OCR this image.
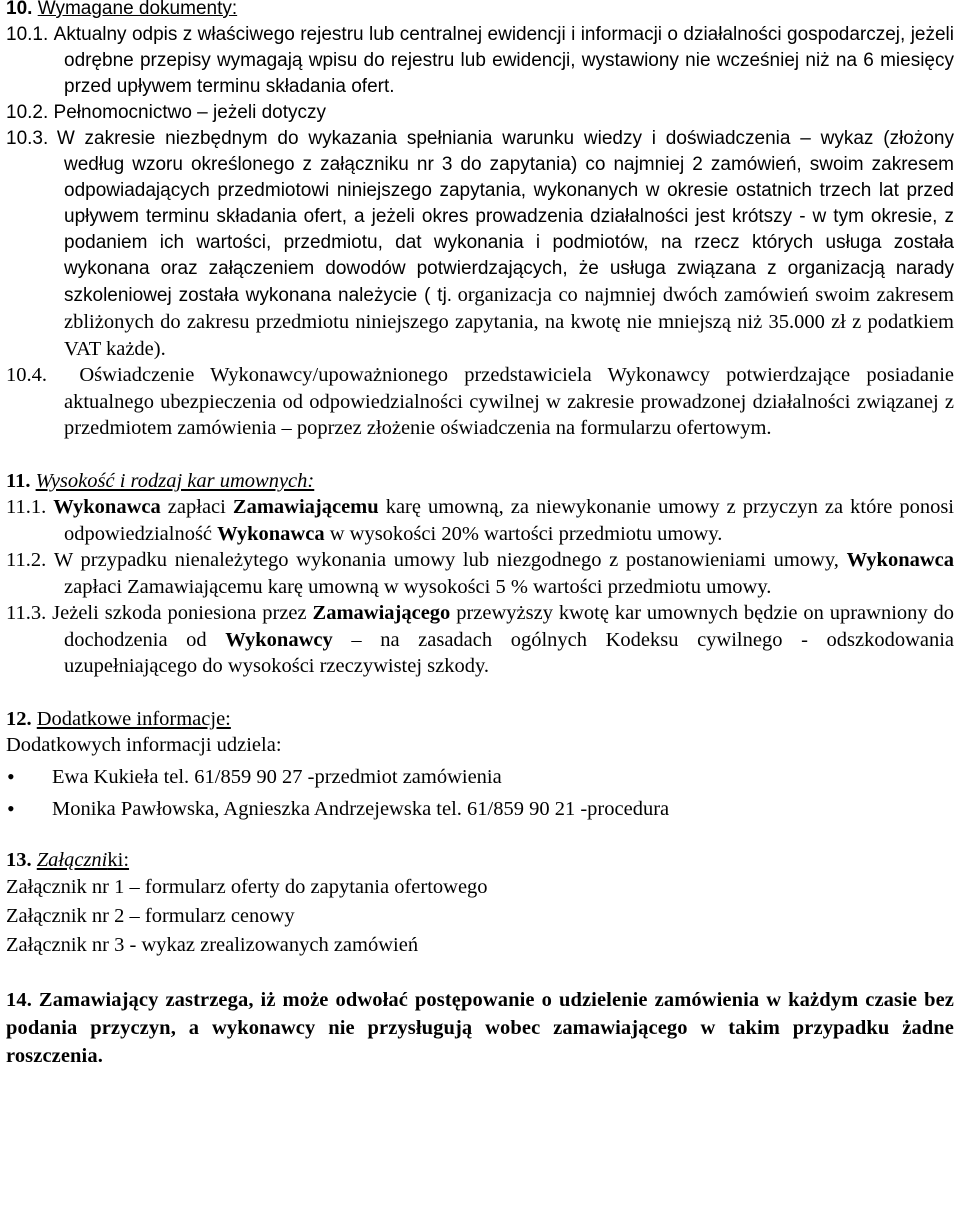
10. Wymagane dokumenty:
10.1. Aktualny odpis z właściwego rejestru lub centralnej ewidencji i informacji o działalności gospodarczej, jeżeli odrębne przepisy wymagają wpisu do rejestru lub ewidencji, wystawiony nie wcześniej niż na 6 miesięcy przed upływem terminu składania ofert.
10.2. Pełnomocnictwo – jeżeli dotyczy
10.3. W zakresie niezbędnym do wykazania spełniania warunku wiedzy i doświadczenia – wykaz (złożony według wzoru określonego z załączniku nr 3 do zapytania) co najmniej 2 zamówień, swoim zakresem odpowiadających przedmiotowi niniejszego zapytania, wykonanych w okresie ostatnich trzech lat przed upływem terminu składania ofert, a jeżeli okres prowadzenia działalności jest krótszy - w tym okresie, z podaniem ich wartości, przedmiotu, dat wykonania i podmiotów, na rzecz których usługa została wykonana oraz załączeniem dowodów potwierdzających, że usługa związana z organizacją narady szkoleniowej została wykonana należycie ( tj. organizacja co najmniej dwóch zamówień swoim zakresem zbliżonych do zakresu przedmiotu niniejszego zapytania, na kwotę nie mniejszą niż 35.000 zł z podatkiem VAT każde).
10.4. Oświadczenie Wykonawcy/upoważnionego przedstawiciela Wykonawcy potwierdzające posiadanie aktualnego ubezpieczenia od odpowiedzialności cywilnej w zakresie prowadzonej działalności związanej z przedmiotem zamówienia – poprzez złożenie oświadczenia na formularzu ofertowym.
11. Wysokość i rodzaj kar umownych:
11.1. Wykonawca zapłaci Zamawiającemu karę umowną, za niewykonanie umowy z przyczyn za które ponosi odpowiedzialność Wykonawca w wysokości 20% wartości przedmiotu umowy.
11.2. W przypadku nienależytego wykonania umowy lub niezgodnego z postanowieniami umowy, Wykonawca zapłaci Zamawiającemu karę umowną w wysokości 5 % wartości przedmiotu umowy.
11.3. Jeżeli szkoda poniesiona przez Zamawiającego przewyższy kwotę kar umownych będzie on uprawniony do dochodzenia od Wykonawcy – na zasadach ogólnych Kodeksu cywilnego - odszkodowania uzupełniającego do wysokości rzeczywistej szkody.
12. Dodatkowe informacje:
Dodatkowych informacji udziela:
• Ewa Kukieła tel. 61/859 90 27 -przedmiot zamówienia
• Monika Pawłowska, Agnieszka Andrzejewska tel. 61/859 90 21 -procedura
13. Załączniki:
Załącznik nr 1 – formularz oferty do zapytania ofertowego
Załącznik nr 2 – formularz cenowy
Załącznik nr 3 - wykaz zrealizowanych zamówień
14. Zamawiający zastrzega, iż może odwołać postępowanie o udzielenie zamówienia w każdym czasie bez podania przyczyn, a wykonawcy nie przysługują wobec zamawiającego w takim przypadku żadne roszczenia.
